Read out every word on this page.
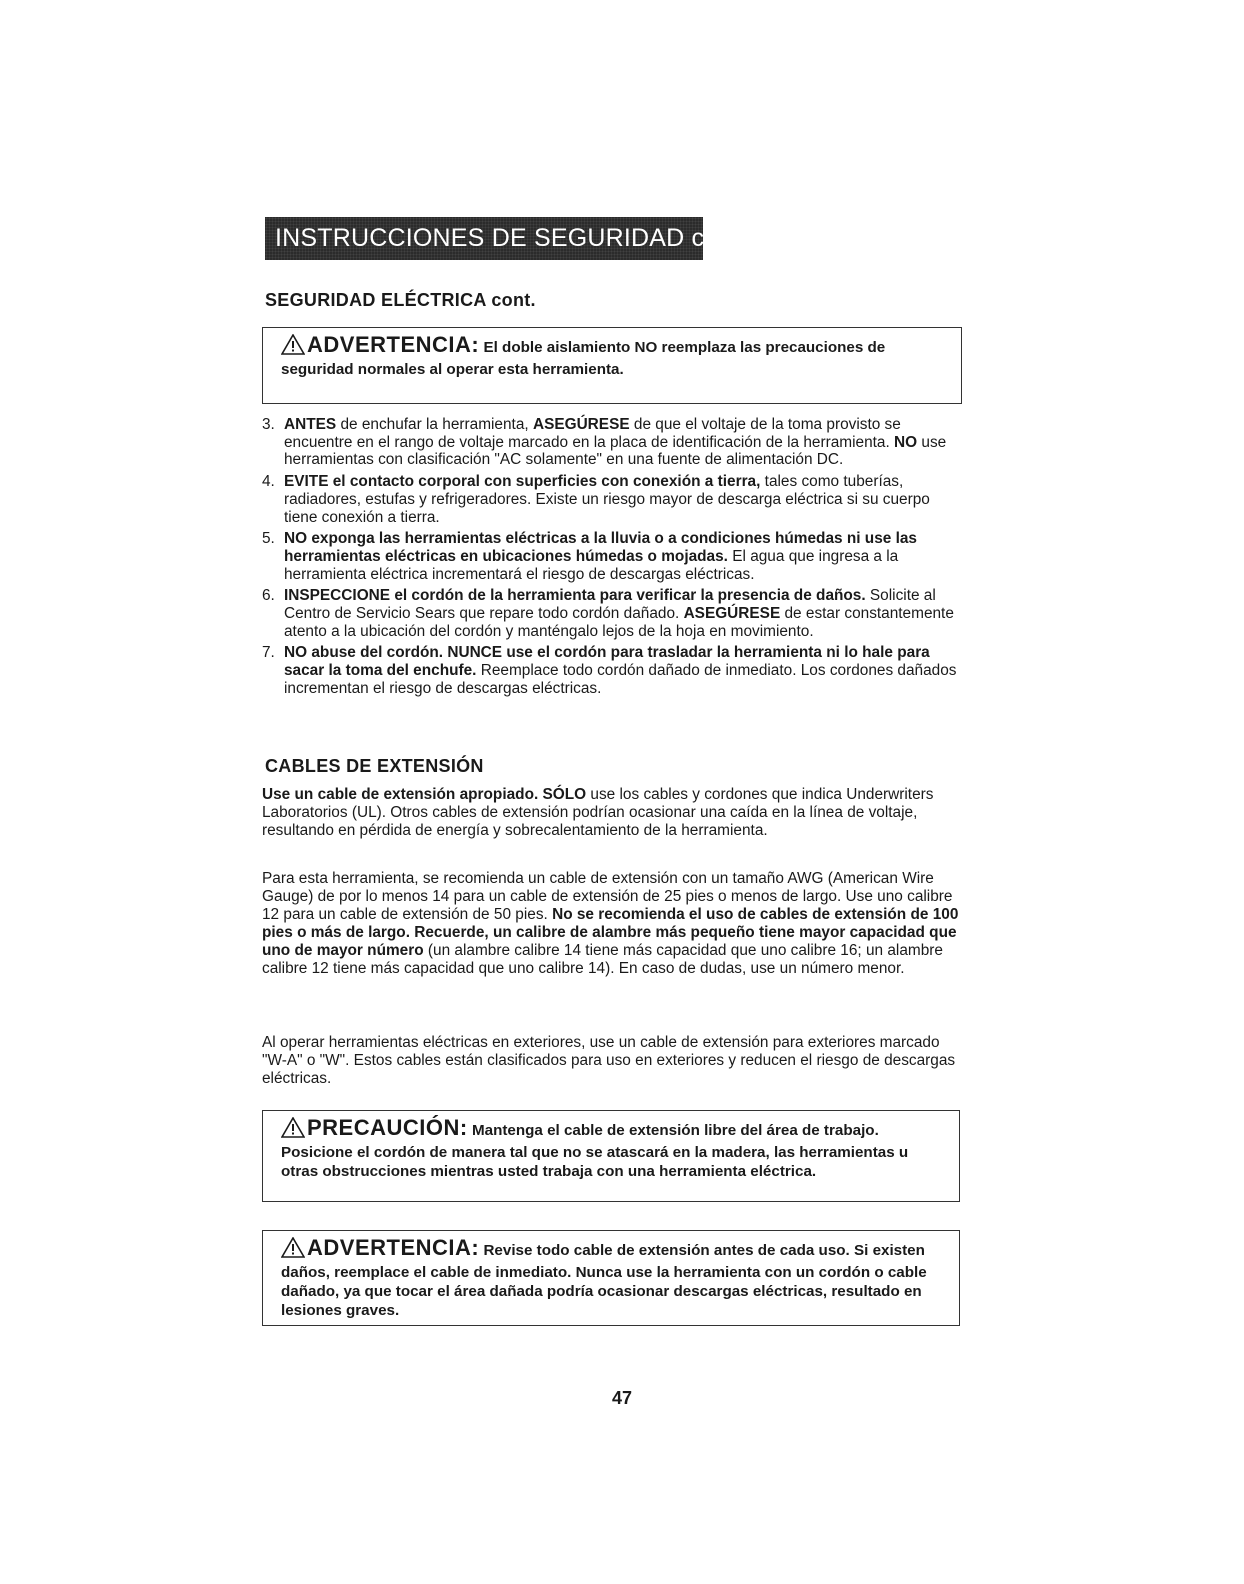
INSTRUCCIONES DE SEGURIDAD cont.
SEGURIDAD ELÉCTRICA cont.
ADVERTENCIA: El doble aislamiento NO reemplaza las precauciones de seguridad normales al operar esta herramienta.
3. ANTES de enchufar la herramienta, ASEGÚRESE de que el voltaje de la toma provisto se encuentre en el rango de voltaje marcado en la placa de identificación de la herramienta. NO use herramientas con clasificación "AC solamente" en una fuente de alimentación DC.
4. EVITE el contacto corporal con superficies con conexión a tierra, tales como tuberías, radiadores, estufas y refrigeradores. Existe un riesgo mayor de descarga eléctrica si su cuerpo tiene conexión a tierra.
5. NO exponga las herramientas eléctricas a la lluvia o a condiciones húmedas ni use las herramientas eléctricas en ubicaciones húmedas o mojadas. El agua que ingresa a la herramienta eléctrica incrementará el riesgo de descargas eléctricas.
6. INSPECCIONE el cordón de la herramienta para verificar la presencia de daños. Solicite al Centro de Servicio Sears que repare todo cordón dañado. ASEGÚRESE de estar constantemente atento a la ubicación del cordón y manténgalo lejos de la hoja en movimiento.
7. NO abuse del cordón. NUNCE use el cordón para trasladar la herramienta ni lo hale para sacar la toma del enchufe. Reemplace todo cordón dañado de inmediato. Los cordones dañados incrementan el riesgo de descargas eléctricas.
CABLES DE EXTENSIÓN

Use un cable de extensión apropiado. SÓLO use los cables y cordones que indica Underwriters Laboratorios (UL). Otros cables de extensión podrían ocasionar una caída en la línea de voltaje, resultando en pérdida de energía y sobrecalentamiento de la herramienta.

Para esta herramienta, se recomienda un cable de extensión con un tamaño AWG (American Wire Gauge) de por lo menos 14 para un cable de extensión de 25 pies o menos de largo. Use uno calibre 12 para un cable de extensión de 50 pies. No se recomienda el uso de cables de extensión de 100 pies o más de largo. Recuerde, un calibre de alambre más pequeño tiene mayor capacidad que uno de mayor número (un alambre calibre 14 tiene más capacidad que uno calibre 16; un alambre calibre 12 tiene más capacidad que uno calibre 14). En caso de dudas, use un número menor.

Al operar herramientas eléctricas en exteriores, use un cable de extensión para exteriores marcado "W-A" o "W". Estos cables están clasificados para uso en exteriores y reducen el riesgo de descargas eléctricas.

PRECAUCIÓN: Mantenga el cable de extensión libre del área de trabajo. Posicione el cordón de manera tal que no se atascará en la madera, las herramientas u otras obstrucciones mientras usted trabaja con una herramienta eléctrica.
ADVERTENCIA: Revise todo cable de extensión antes de cada uso. Si existen daños, reemplace el cable de inmediato. Nunca use la herramienta con un cordón o cable dañado, ya que tocar el área dañada podría ocasionar descargas eléctricas, resultado en lesiones graves.
47
